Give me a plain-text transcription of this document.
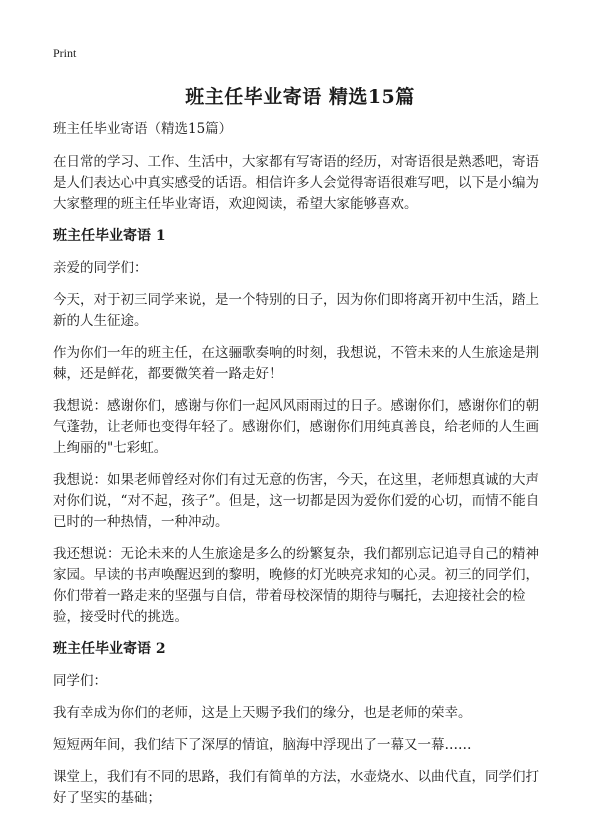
Print
班主任毕业寄语 精选15篇

班主任毕业寄语（精选15篇）

在日常的学习、工作、生活中，大家都有写寄语的经历，对寄语很是熟悉吧，寄语是人们表达心中真实感受的话语。相信许多人会觉得寄语很难写吧，以下是小编为大家整理的班主任毕业寄语，欢迎阅读，希望大家能够喜欢。

班主任毕业寄语 1

亲爱的同学们：

今天，对于初三同学来说，是一个特别的日子，因为你们即将离开初中生活，踏上新的人生征途。

作为你们一年的班主任，在这骊歌奏响的时刻，我想说，不管未来的人生旅途是荆棘，还是鲜花，都要微笑着一路走好！

我想说：感谢你们，感谢与你们一起风风雨雨过的日子。感谢你们，感谢你们的朝气蓬勃，让老师也变得年轻了。感谢你们，感谢你们用纯真善良，给老师的人生画上绚丽的"七彩虹。

我想说：如果老师曾经对你们有过无意的伤害，今天，在这里，老师想真诚的大声对你们说，“对不起，孩子”。但是，这一切都是因为爱你们爱的心切，而情不能自已时的一种热情，一种冲动。

我还想说：无论未来的人生旅途是多么的纷繁复杂，我们都别忘记追寻自己的精神家园。早读的书声唤醒迟到的黎明，晚修的灯光映亮求知的心灵。初三的同学们，你们带着一路走来的坚强与自信，带着母校深情的期待与嘱托，去迎接社会的检验，接受时代的挑选。

班主任毕业寄语 2

同学们：

我有幸成为你们的老师，这是上天赐予我们的缘分，也是老师的荣幸。

短短两年间，我们结下了深厚的情谊，脑海中浮现出了一幕又一幕……

课堂上，我们有不同的思路，我们有简单的方法，水壶烧水、以曲代直，同学们打好了坚实的基础；
